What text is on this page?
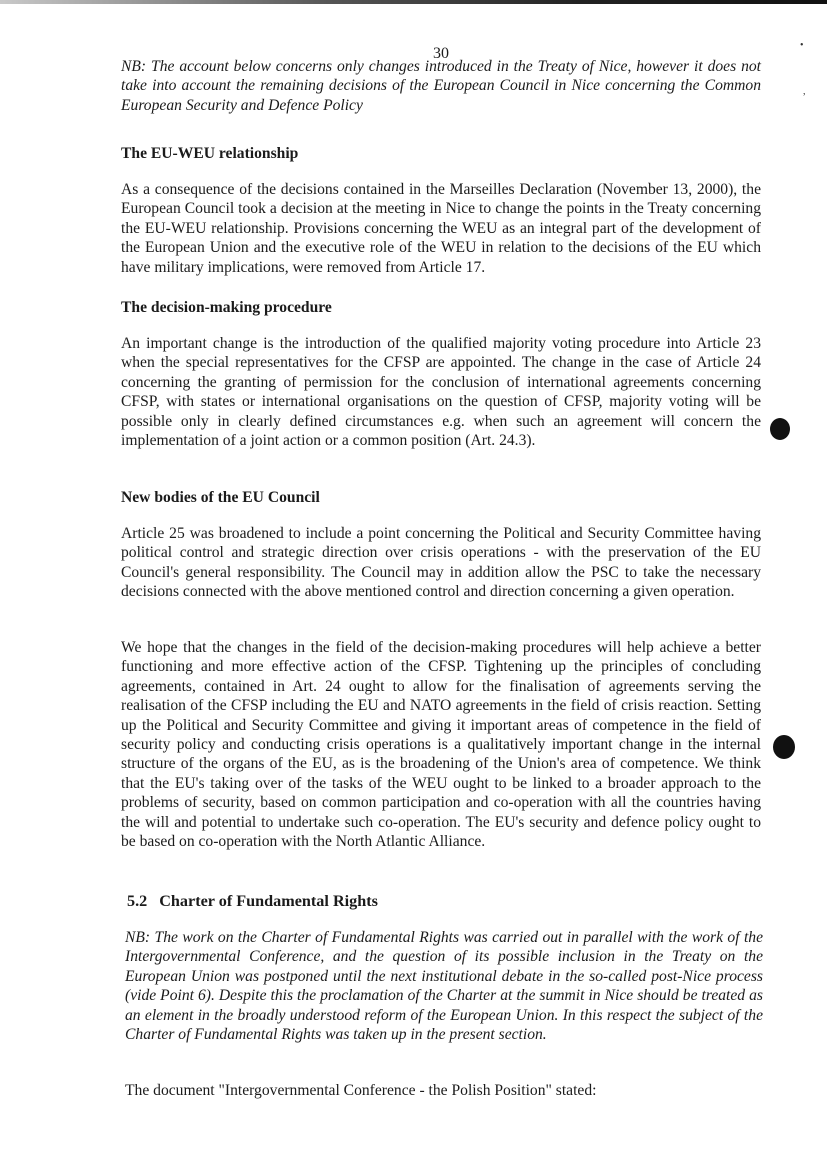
30

NB: The account below concerns only changes introduced in the Treaty of Nice, however it does not take into account the remaining decisions of the European Council in Nice concerning the Common European Security and Defence Policy

The EU-WEU relationship

As a consequence of the decisions contained in the Marseilles Declaration (November 13, 2000), the European Council took a decision at the meeting in Nice to change the points in the Treaty concerning the EU-WEU relationship. Provisions concerning the WEU as an integral part of the development of the European Union and the executive role of the WEU in relation to the decisions of the EU which have military implications, were removed from Article 17.

The decision-making procedure

An important change is the introduction of the qualified majority voting procedure into Article 23 when the special representatives for the CFSP are appointed. The change in the case of Article 24 concerning the granting of permission for the conclusion of international agreements concerning CFSP, with states or international organisations on the question of CFSP, majority voting will be possible only in clearly defined circumstances e.g. when such an agreement will concern the implementation of a joint action or a common position (Art. 24.3).

New bodies of the EU Council

Article 25 was broadened to include a point concerning the Political and Security Committee having political control and strategic direction over crisis operations - with the preservation of the EU Council's general responsibility. The Council may in addition allow the PSC to take the necessary decisions connected with the above mentioned control and direction concerning a given operation.

We hope that the changes in the field of the decision-making procedures will help achieve a better functioning and more effective action of the CFSP. Tightening up the principles of concluding agreements, contained in Art. 24 ought to allow for the finalisation of agreements serving the realisation of the CFSP including the EU and NATO agreements in the field of crisis reaction. Setting up the Political and Security Committee and giving it important areas of competence in the field of security policy and conducting crisis operations is a qualitatively important change in the internal structure of the organs of the EU, as is the broadening of the Union's area of competence. We think that the EU's taking over of the tasks of the WEU ought to be linked to a broader approach to the problems of security, based on common participation and co-operation with all the countries having the will and potential to undertake such co-operation. The EU's security and defence policy ought to be based on co-operation with the North Atlantic Alliance.

5.2 Charter of Fundamental Rights

NB: The work on the Charter of Fundamental Rights was carried out in parallel with the work of the Intergovernmental Conference, and the question of its possible inclusion in the Treaty on the European Union was postponed until the next institutional debate in the so-called post-Nice process (vide Point 6). Despite this the proclamation of the Charter at the summit in Nice should be treated as an element in the broadly understood reform of the European Union. In this respect the subject of the Charter of Fundamental Rights was taken up in the present section.

The document "Intergovernmental Conference - the Polish Position" stated:

•
,
